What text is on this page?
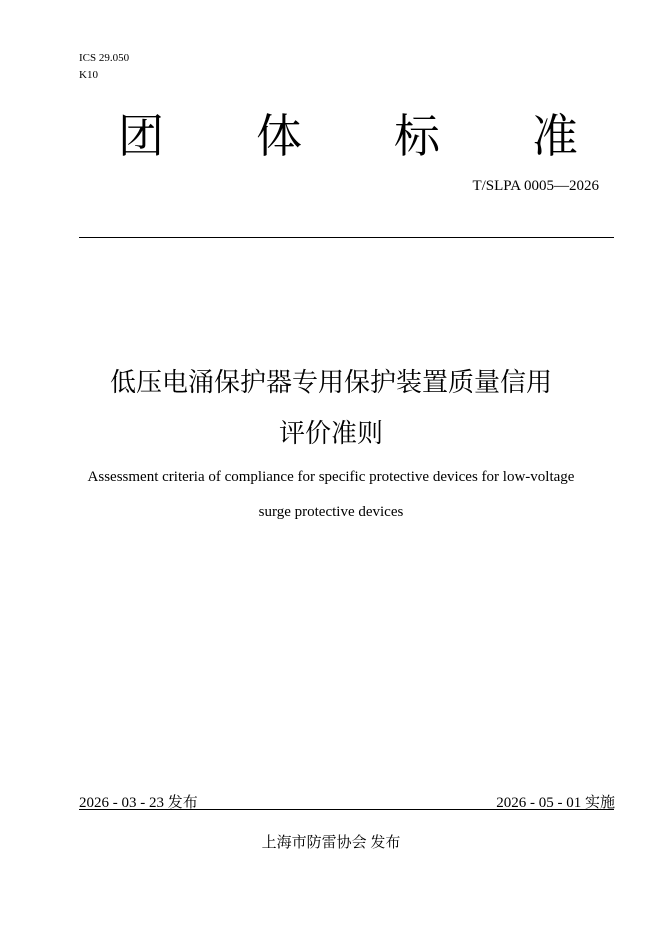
ICS 29.050
K10
团 体 标 准
T/SLPA 0005—2026
低压电涌保护器专用保护装置质量信用
评价准则
Assessment criteria of compliance for specific protective devices for low-voltage
surge protective devices
2026 - 03 - 23 发布	2026 - 05 - 01 实施
上海市防雷协会 发布
